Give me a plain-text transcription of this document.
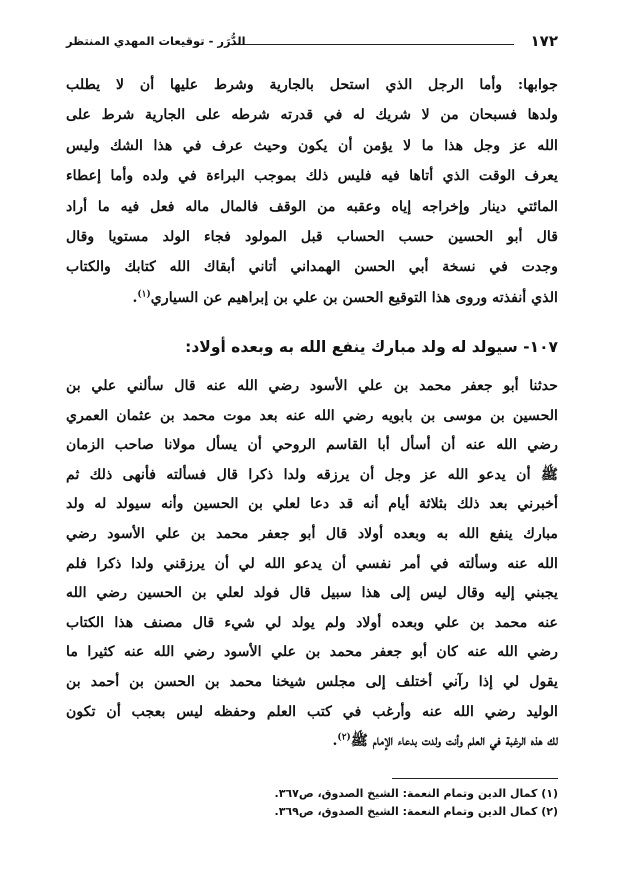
١٧٢
الدُّرَر - توقيعات المهدي المنتظر

جوابها: وأما الرجل الذي استحل بالجارية وشرط عليها أن لا يطلب
ولدها فسبحان من لا شريك له في قدرته شرطه على الجارية شرط على
الله عز وجل هذا ما لا يؤمن أن يكون وحيث عرف في هذا الشك وليس
يعرف الوقت الذي أتاها فيه فليس ذلك بموجب البراءة في ولده وأما إعطاء
المائتي دينار وإخراجه إياه وعقبه من الوقف فالمال ماله فعل فيه ما أراد
قال أبو الحسين حسب الحساب قبل المولود فجاء الولد مستويا وقال
وجدت في نسخة أبي الحسن الهمداني أتاني أبقاك الله كتابك والكتاب
الذي أنفذته وروى هذا التوقيع الحسن بن علي بن إبراهيم عن السياري$^{(١)}$.

١٠٧- سيولد له ولد مبارك ينفع الله به وبعده أولاد:
حدثنا أبو جعفر محمد بن علي الأسود رضي الله عنه قال سألني علي بن
الحسين بن موسى بن بابويه رضي الله عنه بعد موت محمد بن عثمان العمري
رضي الله عنه أن أسأل أبا القاسم الروحي أن يسأل مولانا صاحب الزمان
ﷺ أن يدعو الله عز وجل أن يرزقه ولدا ذكرا قال فسألته فأنهى ذلك ثم
أخبرني بعد ذلك بثلاثة أيام أنه قد دعا لعلي بن الحسين وأنه سيولد له ولد
مبارك ينفع الله به وبعده أولاد قال أبو جعفر محمد بن علي الأسود رضي
الله عنه وسألته في أمر نفسي أن يدعو الله لي أن يرزقني ولدا ذكرا فلم
يجبني إليه وقال ليس إلى هذا سبيل قال فولد لعلي بن الحسين رضي الله
عنه محمد بن علي وبعده أولاد ولم يولد لي شيء قال مصنف هذا الكتاب
رضي الله عنه كان أبو جعفر محمد بن علي الأسود رضي الله عنه كثيرا ما
يقول لي إذا رآني أختلف إلى مجلس شيخنا محمد بن الحسن بن أحمد بن
الوليد رضي الله عنه وأرغب في كتب العلم وحفظه ليس بعجب أن تكون
لك هذه الرغبة في العلم وأنت ولدت بدعاء الإمام ﷺ$^{(٢)}$.
(١) كمال الدين وتمام النعمة: الشيخ الصدوق، ص٣٦٧.
(٢) كمال الدين وتمام النعمة: الشيخ الصدوق، ص٣٦٩.
